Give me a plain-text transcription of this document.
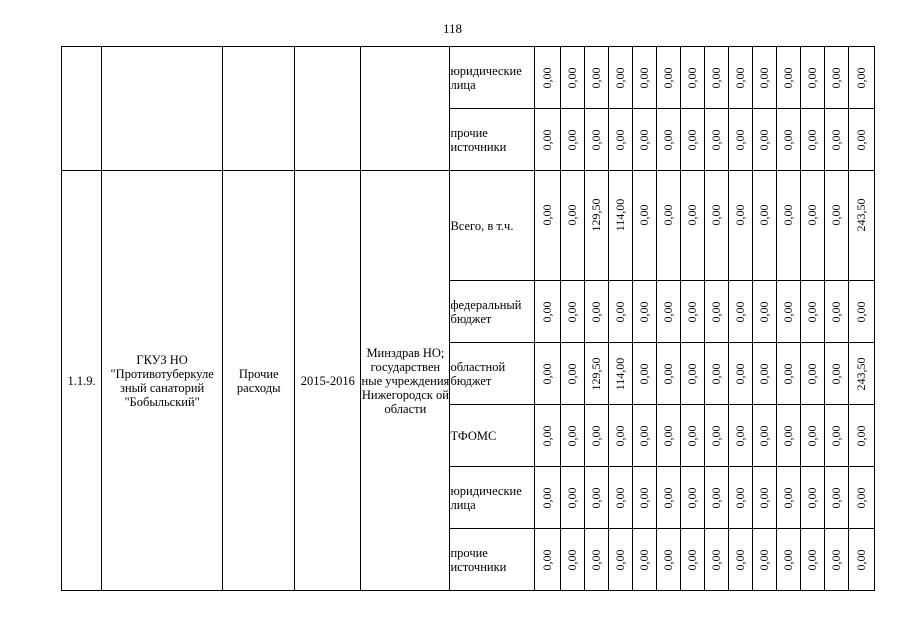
118
					юридические лица	0,00	0,00	0,00	0,00	0,00	0,00	0,00	0,00	0,00	0,00	0,00	0,00	0,00	0,00

					прочие источники	0,00	0,00	0,00	0,00	0,00	0,00	0,00	0,00	0,00	0,00	0,00	0,00	0,00	0,00

1.1.9.	ГКУЗ НО "Противотуберкуле зный санаторий "Бобыльский"	Прочие расходы	2015-2016	Минздрав НО; государствен ные учреждения Нижегородск ой области	Всего, в т.ч.	0,00	0,00	129,50	114,00	0,00	0,00	0,00	0,00	0,00	0,00	0,00	0,00	0,00	243,50

					федеральный бюджет	0,00	0,00	0,00	0,00	0,00	0,00	0,00	0,00	0,00	0,00	0,00	0,00	0,00	0,00

					областной бюджет	0,00	0,00	129,50	114,00	0,00	0,00	0,00	0,00	0,00	0,00	0,00	0,00	0,00	243,50

					ТФОМС	0,00	0,00	0,00	0,00	0,00	0,00	0,00	0,00	0,00	0,00	0,00	0,00	0,00	0,00

					юридические лица	0,00	0,00	0,00	0,00	0,00	0,00	0,00	0,00	0,00	0,00	0,00	0,00	0,00	0,00

					прочие источники	0,00	0,00	0,00	0,00	0,00	0,00	0,00	0,00	0,00	0,00	0,00	0,00	0,00	0,00
